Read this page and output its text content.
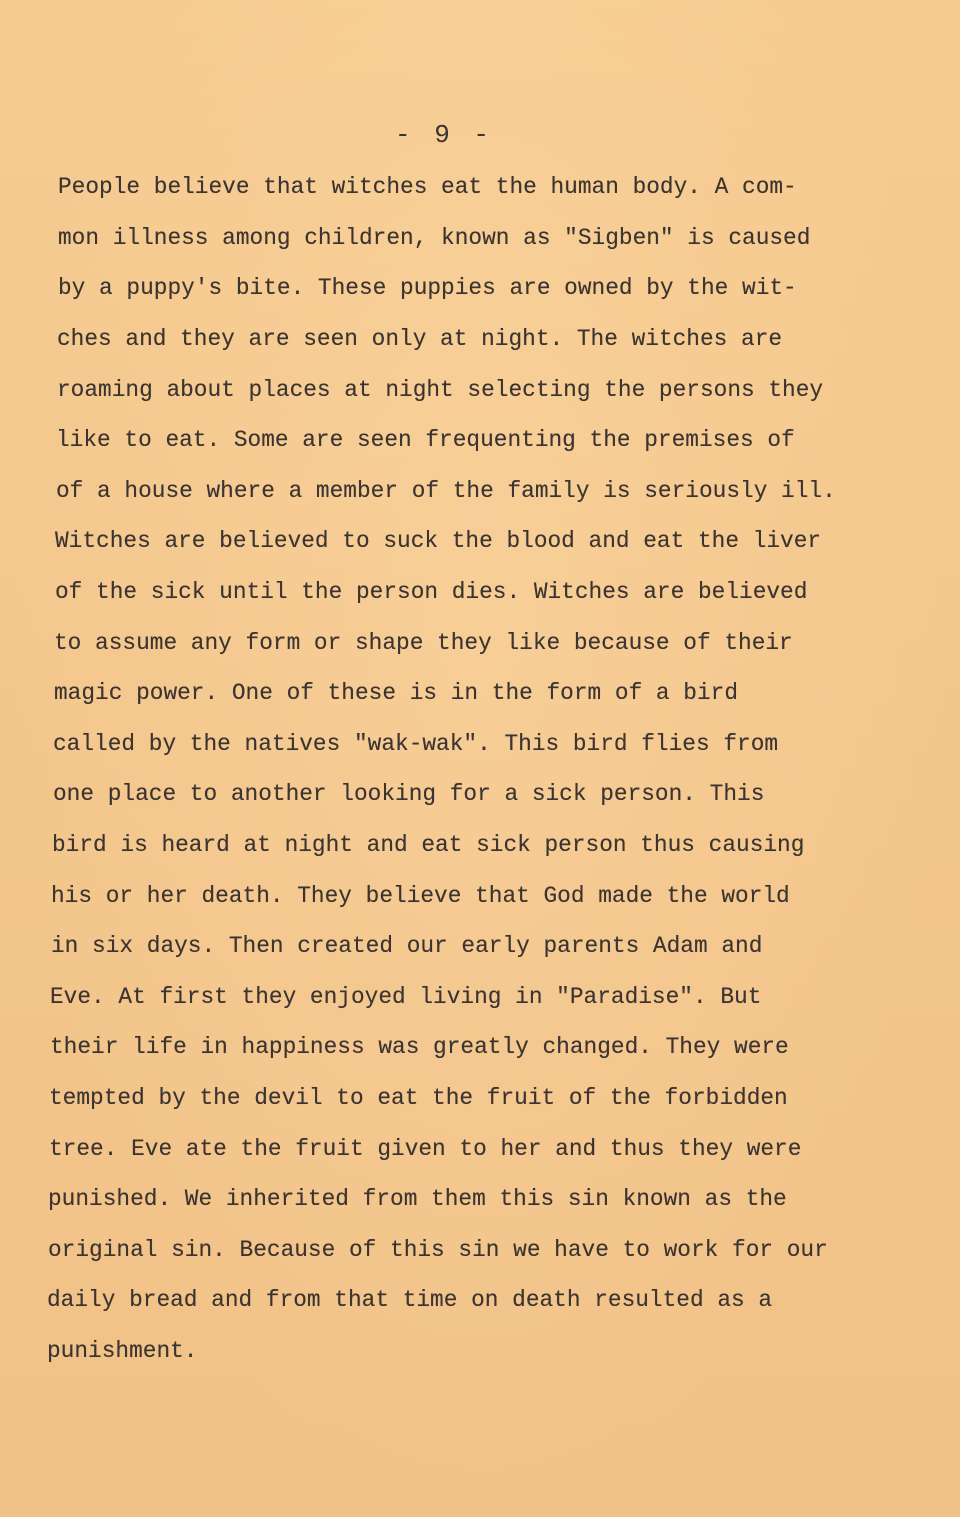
- 9 -
People believe that witches eat the human body. A com-
mon illness among children, known as "Sigben" is caused
by a puppy's bite. These puppies are owned by the wit-
ches and they are seen only at night. The witches are
roaming about places at night selecting the persons they
like to eat. Some are seen frequenting the premises of
of a house where a member of the family is seriously ill.
Witches are believed to suck the blood and eat the liver
of the sick until the person dies. Witches are believed
to assume any form or shape they like because of their
magic power. One of these is in the form of a bird
called by the natives "wak-wak". This bird flies from
one place to another looking for a sick person. This
bird is heard at night and eat sick person thus causing
his or her death. They believe that God made the world
in six days. Then created our early parents Adam and
Eve. At first they enjoyed living in "Paradise". But
their life in happiness was greatly changed. They were
tempted by the devil to eat the fruit of the forbidden
tree. Eve ate the fruit given to her and thus they were
punished. We inherited from them this sin known as the
original sin. Because of this sin we have to work for our
daily bread and from that time on death resulted as a
punishment.
